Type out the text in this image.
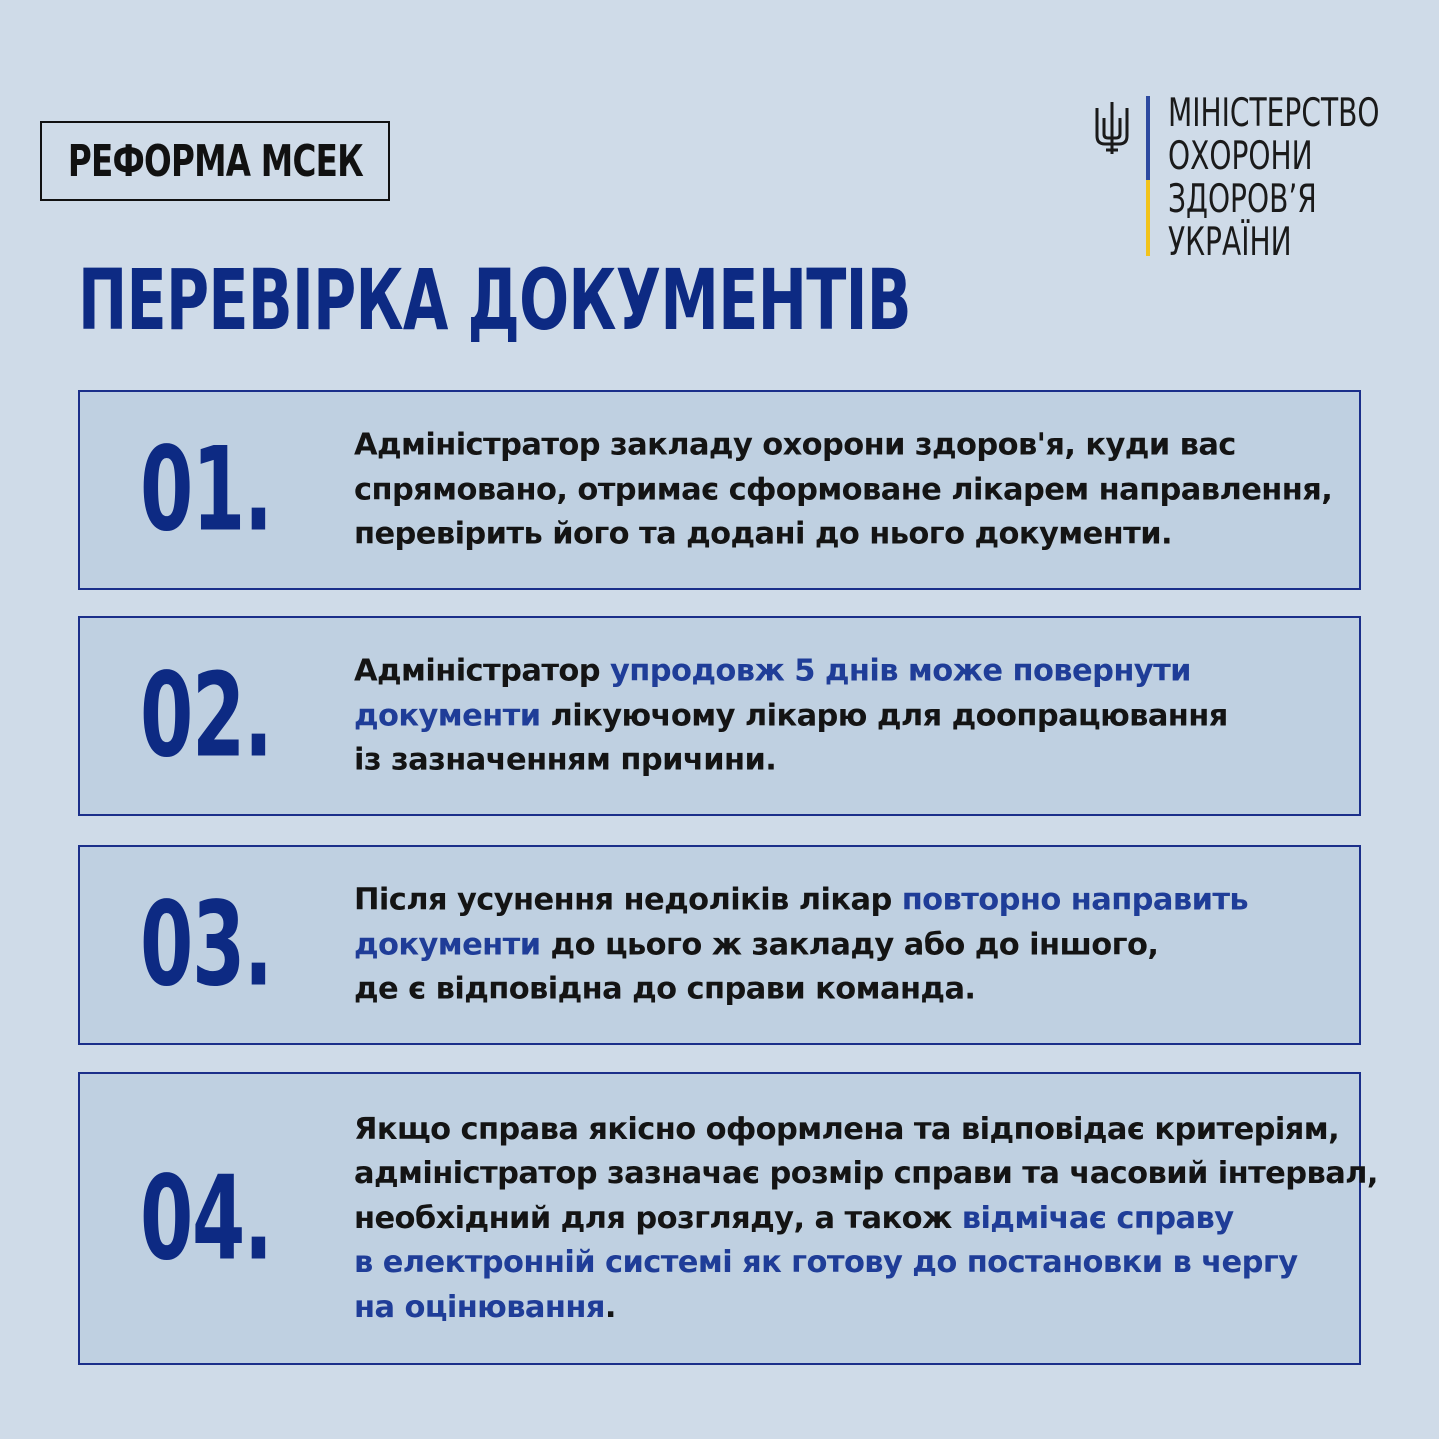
РЕФОРМА МСЕК
ПЕРЕВІРКА ДОКУМЕНТІВ
МІНІСТЕРСТВО
ОХОРОНИ
ЗДОРОВ’Я
УКРАЇНИ
01.	Адміністратор закладу охорони здоров'я, куди вас
спрямовано, отримає сформоване лікарем направлення,
перевірить його та додані до нього документи.
02.	Адміністратор упродовж 5 днів може повернути
документи лікуючому лікарю для доопрацювання
із зазначенням причини.
03.	Після усунення недоліків лікар повторно направить
документи до цього ж закладу або до іншого,
де є відповідна до справи команда.
04.
Якщо справа якісно оформлена та відповідає критеріям,
адміністратор зазначає розмір справи та часовий інтервал,
необхідний для розгляду, а також відмічає справу
в електронній системі як готову до постановки в чергу
на оцінювання.
